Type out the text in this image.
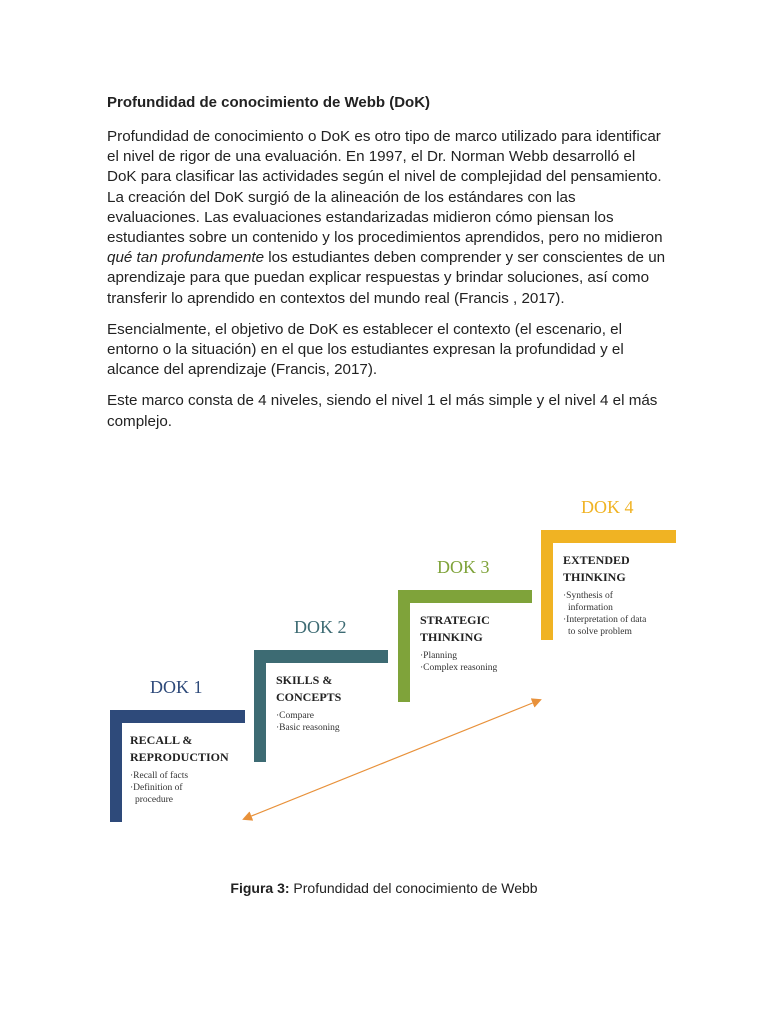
Profundidad de conocimiento de Webb (DoK)

Profundidad de conocimiento o DoK es otro tipo de marco utilizado para identificar el nivel de rigor de una evaluación. En 1997, el Dr. Norman Webb desarrolló el DoK para clasificar las actividades según el nivel de complejidad del pensamiento. La creación del DoK surgió de la alineación de los estándares con las evaluaciones. Las evaluaciones estandarizadas midieron cómo piensan los estudiantes sobre un contenido y los procedimientos aprendidos, pero no midieron qué tan profundamente los estudiantes deben comprender y ser conscientes de un aprendizaje para que puedan explicar respuestas y brindar soluciones, así como transferir lo aprendido en contextos del mundo real (Francis , 2017).

Esencialmente, el objetivo de DoK es establecer el contexto (el escenario, el entorno o la situación) en el que los estudiantes expresan la profundidad y el alcance del aprendizaje (Francis, 2017).

Este marco consta de 4 niveles, siendo el nivel 1 el más simple y el nivel 4 el más complejo.

DOK 1
RECALL &
REPRODUCTION
·Recall of facts
·Definition of
procedure
DOK 2
SKILLS &
CONCEPTS
·Compare
·Basic reasoning
DOK 3
STRATEGIC
THINKING
·Planning
·Complex reasoning
DOK 4
EXTENDED
THINKING
·Synthesis of
information
·Interpretation of data
to solve problem
Figura 3: Profundidad del conocimiento de Webb
